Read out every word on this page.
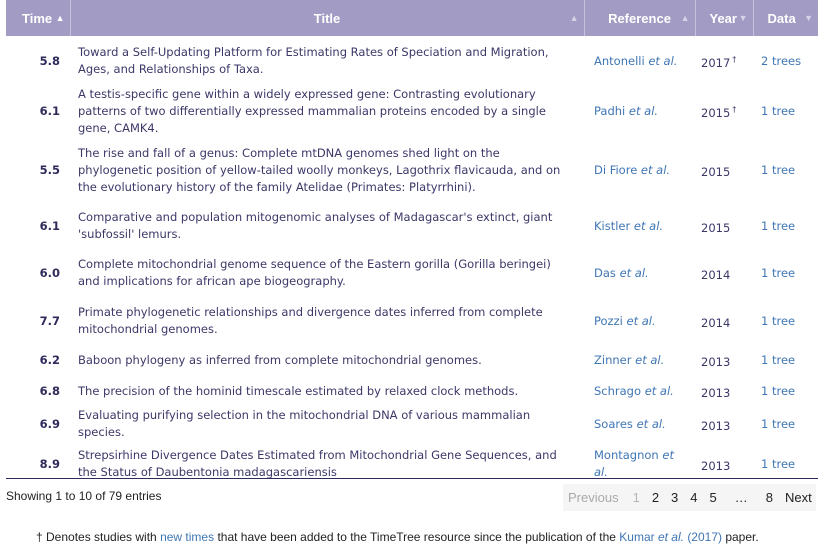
Time ▲	Title ▲	Reference ▲	Year ▼	Data ▼

5.8	Toward a Self-Updating Platform for Estimating Rates of Speciation and Migration, Ages, and Relationships of Taxa.	Antonelli et al.	2017 †	2 trees
6.1	A testis-specific gene within a widely expressed gene: Contrasting evolutionary patterns of two differentially expressed mammalian proteins encoded by a single gene, CAMK4.	Padhi et al.	2015 †	1 tree
5.5	The rise and fall of a genus: Complete mtDNA genomes shed light on the phylogenetic position of yellow-tailed woolly monkeys, Lagothrix flavicauda, and on the evolutionary history of the family Atelidae (Primates: Platyrrhini).	Di Fiore et al.	2015	1 tree
6.1	Comparative and population mitogenomic analyses of Madagascar's extinct, giant 'subfossil' lemurs.	Kistler et al.	2015	1 tree
6.0	Complete mitochondrial genome sequence of the Eastern gorilla (Gorilla beringei) and implications for african ape biogeography.	Das et al.	2014	1 tree
7.7	Primate phylogenetic relationships and divergence dates inferred from complete mitochondrial genomes.	Pozzi et al.	2014	1 tree
6.2	Baboon phylogeny as inferred from complete mitochondrial genomes.	Zinner et al.	2013	1 tree
6.8	The precision of the hominid timescale estimated by relaxed clock methods.	Schrago et al.	2013	1 tree
6.9	Evaluating purifying selection in the mitochondrial DNA of various mammalian species.	Soares et al.	2013	1 tree
8.9	Strepsirhine Divergence Dates Estimated from Mitochondrial Gene Sequences, and the Status of Daubentonia madagascariensis	Montagnon et al.	2013	1 tree
Showing 1 to 10 of 79 entries	Previous	1 2 3 4 5	…	8 Next
† Denotes studies with new times that have been added to the TimeTree resource since the publication of the Kumar et al. (2017) paper.
